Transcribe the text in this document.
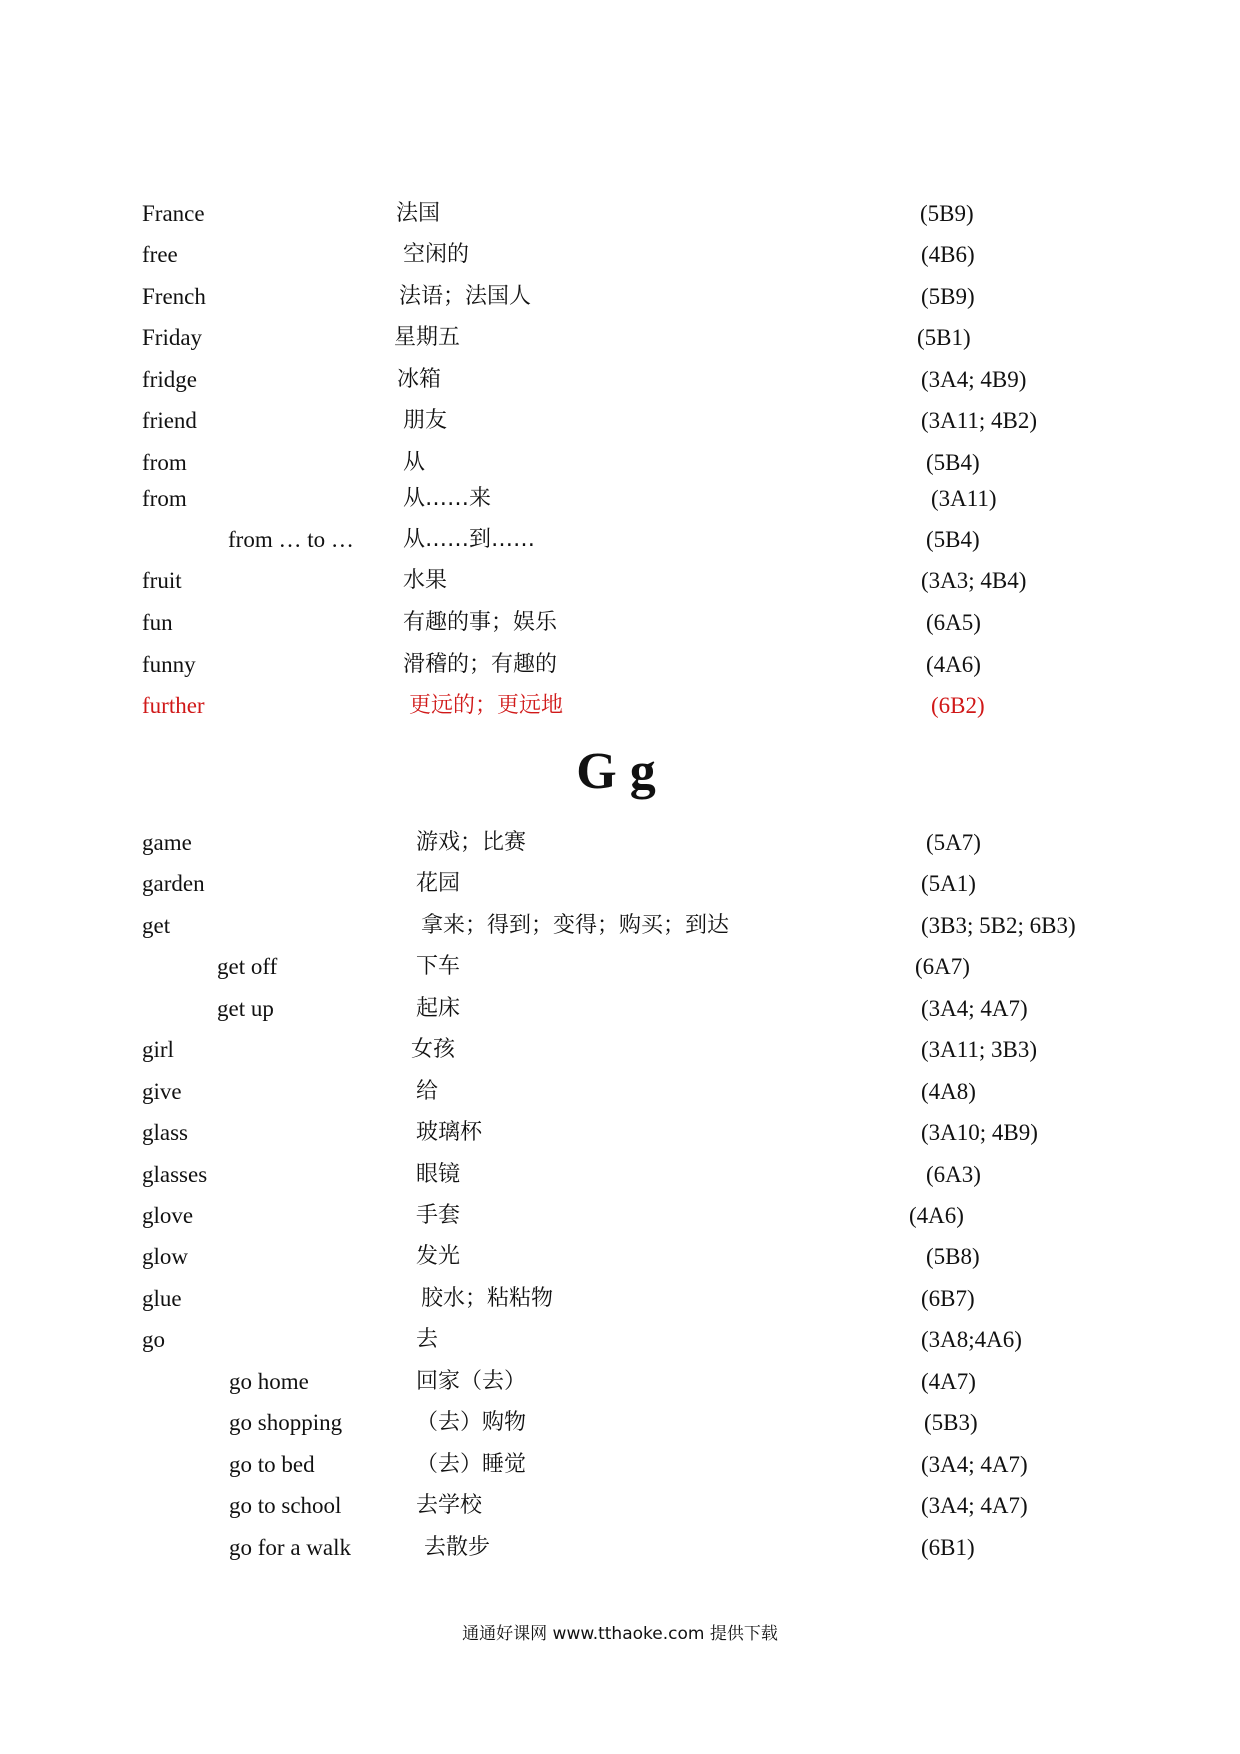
France	法国	(5B9)
free	空闲的	(4B6)
French	法语；法国人	(5B9)
Friday	星期五	(5B1)
fridge	冰箱	(3A4; 4B9)
friend	朋友	(3A11; 4B2)
from	从	(5B4)
from	从……来	(3A11)
from … to … 从……到……	(5B4)
fruit	水果	(3A3; 4B4)
fun	有趣的事；娱乐	(6A5)
funny	滑稽的；有趣的	(4A6)
further	更远的；更远地	(6B2)
G g
game	游戏；比赛	(5A7)
garden	花园	(5A1)
get	拿来；得到；变得；购买；到达	(3B3; 5B2; 6B3)
get off	下车	(6A7)
get up	起床	(3A4; 4A7)
girl	女孩	(3A11; 3B3)
give	给	(4A8)
glass	玻璃杯	(3A10; 4B9)
glasses	眼镜	(6A3)
glove	手套	(4A6)
glow	发光	(5B8)
glue	胶水；粘粘物	(6B7)
go	去	(3A8;4A6)
go home	回家（去）	(4A7)
go shopping	（去）购物	(5B3)
go to bed	（去）睡觉	(3A4; 4A7)
go to school	去学校	(3A4; 4A7)
go for a walk	去散步	(6B1)
通通好课网 www.tthaoke.com 提供下载
